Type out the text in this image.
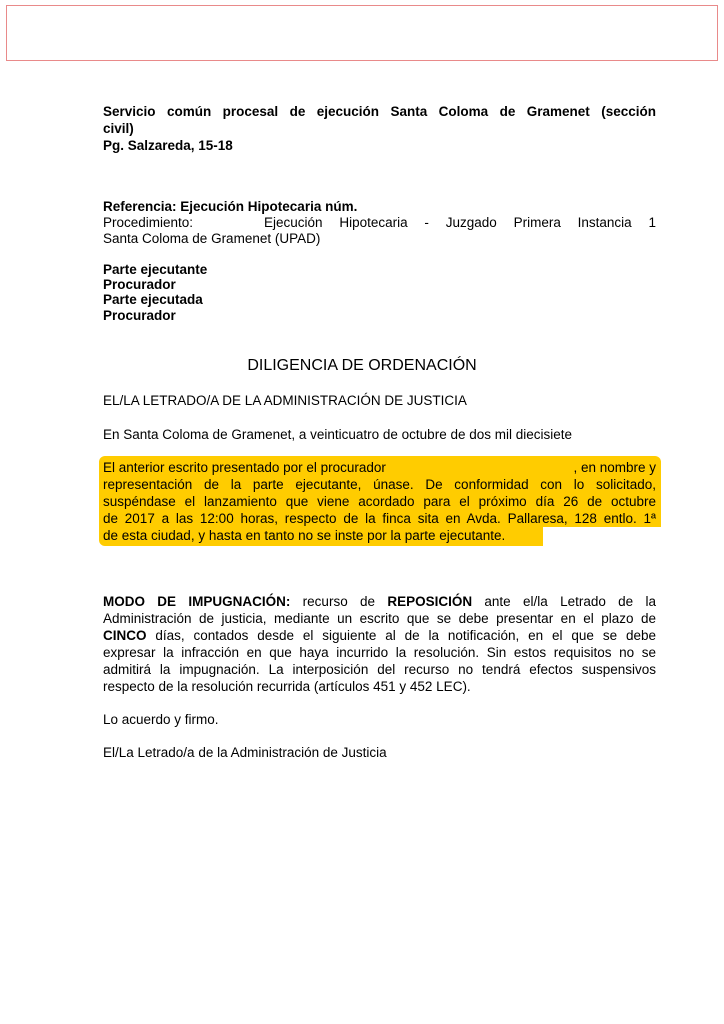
Servicio común procesal de ejecución Santa Coloma de Gramenet (sección
civil)
Pg. Salzareda, 15-18
Referencia: Ejecución Hipotecaria núm.
Procedimiento:	Ejecución Hipotecaria - Juzgado Primera Instancia 1
Santa Coloma de Gramenet (UPAD)
Parte ejecutante
Procurador
Parte ejecutada
Procurador
DILIGENCIA DE ORDENACIÓN
EL/LA LETRADO/A DE LA ADMINISTRACIÓN DE JUSTICIA
En Santa Coloma de Gramenet, a veinticuatro de octubre de dos mil diecisiete
El anterior escrito presentado por el procurador	, en nombre y
representación de la parte ejecutante, únase. De conformidad con lo solicitado,
suspéndase el lanzamiento que viene acordado para el próximo día 26 de octubre
de 2017 a las 12:00 horas, respecto de la finca sita en Avda. Pallaresa, 128 entlo. 1ª
de esta ciudad, y hasta en tanto no se inste por la parte ejecutante.
MODO DE IMPUGNACIÓN: recurso de REPOSICIÓN ante el/la Letrado de la
Administración de justicia, mediante un escrito que se debe presentar en el plazo de
CINCO días, contados desde el siguiente al de la notificación, en el que se debe
expresar la infracción en que haya incurrido la resolución. Sin estos requisitos no se
admitirá la impugnación. La interposición del recurso no tendrá efectos suspensivos
respecto de la resolución recurrida (artículos 451 y 452 LEC).
Lo acuerdo y firmo.
El/La Letrado/a de la Administración de Justicia
